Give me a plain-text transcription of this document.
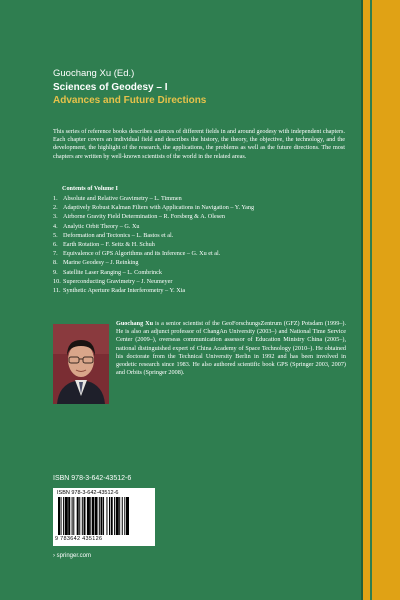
Guochang Xu (Ed.)
Sciences of Geodesy – I
Advances and Future Directions

This series of reference books describes sciences of different fields in and around geodesy with independent chapters. Each chapter covers an individual field and describes the history, the theory, the objective, the technology, and the development, the highlight of the research, the applications, the problems as well as the future directions. The most chapters are written by well-known scientists of the world in the related areas.

Contents of Volume I
1. Absolute and Relative Gravimetry – L. Timmen
2. Adaptively Robust Kalman Filters with Applications in Navigation – Y. Yang
3. Airborne Gravity Field Determination – R. Forsberg & A. Olesen
4. Analytic Orbit Theory – G. Xu
5. Deformation and Tectonics – L. Bastos et al.
6. Earth Rotation – F. Seitz & H. Schuh
7. Equivalence of GPS Algorithms and its Inference – G. Xu et al.
8. Marine Geodesy – J. Reinking
9. Satellite Laser Ranging – L. Combrinck
10. Superconducting Gravimetry – J. Neumeyer
11. Synthetic Aperture Radar Interferometry – Y. Xia

Guochang Xu is a senior scientist of the GeoForschungsZentrum (GFZ) Potsdam (1999–). He is also an adjunct professor of ChangAn University (2003–) and National Time Service Center (2009–), overseas communication assessor of Education Ministry China (2005–), national distinguished expert of China Academy of Space Technology (2010–). He obtained his doctorate from the Technical University Berlin in 1992 and has been involved in geodetic research since 1983. He also authored scientific book GPS (Springer 2003, 2007) and Orbits (Springer 2008).

ISBN 978-3-642-43512-6
ISBN 978-3-642-43512-6
9 783642 435126
› springer.com
